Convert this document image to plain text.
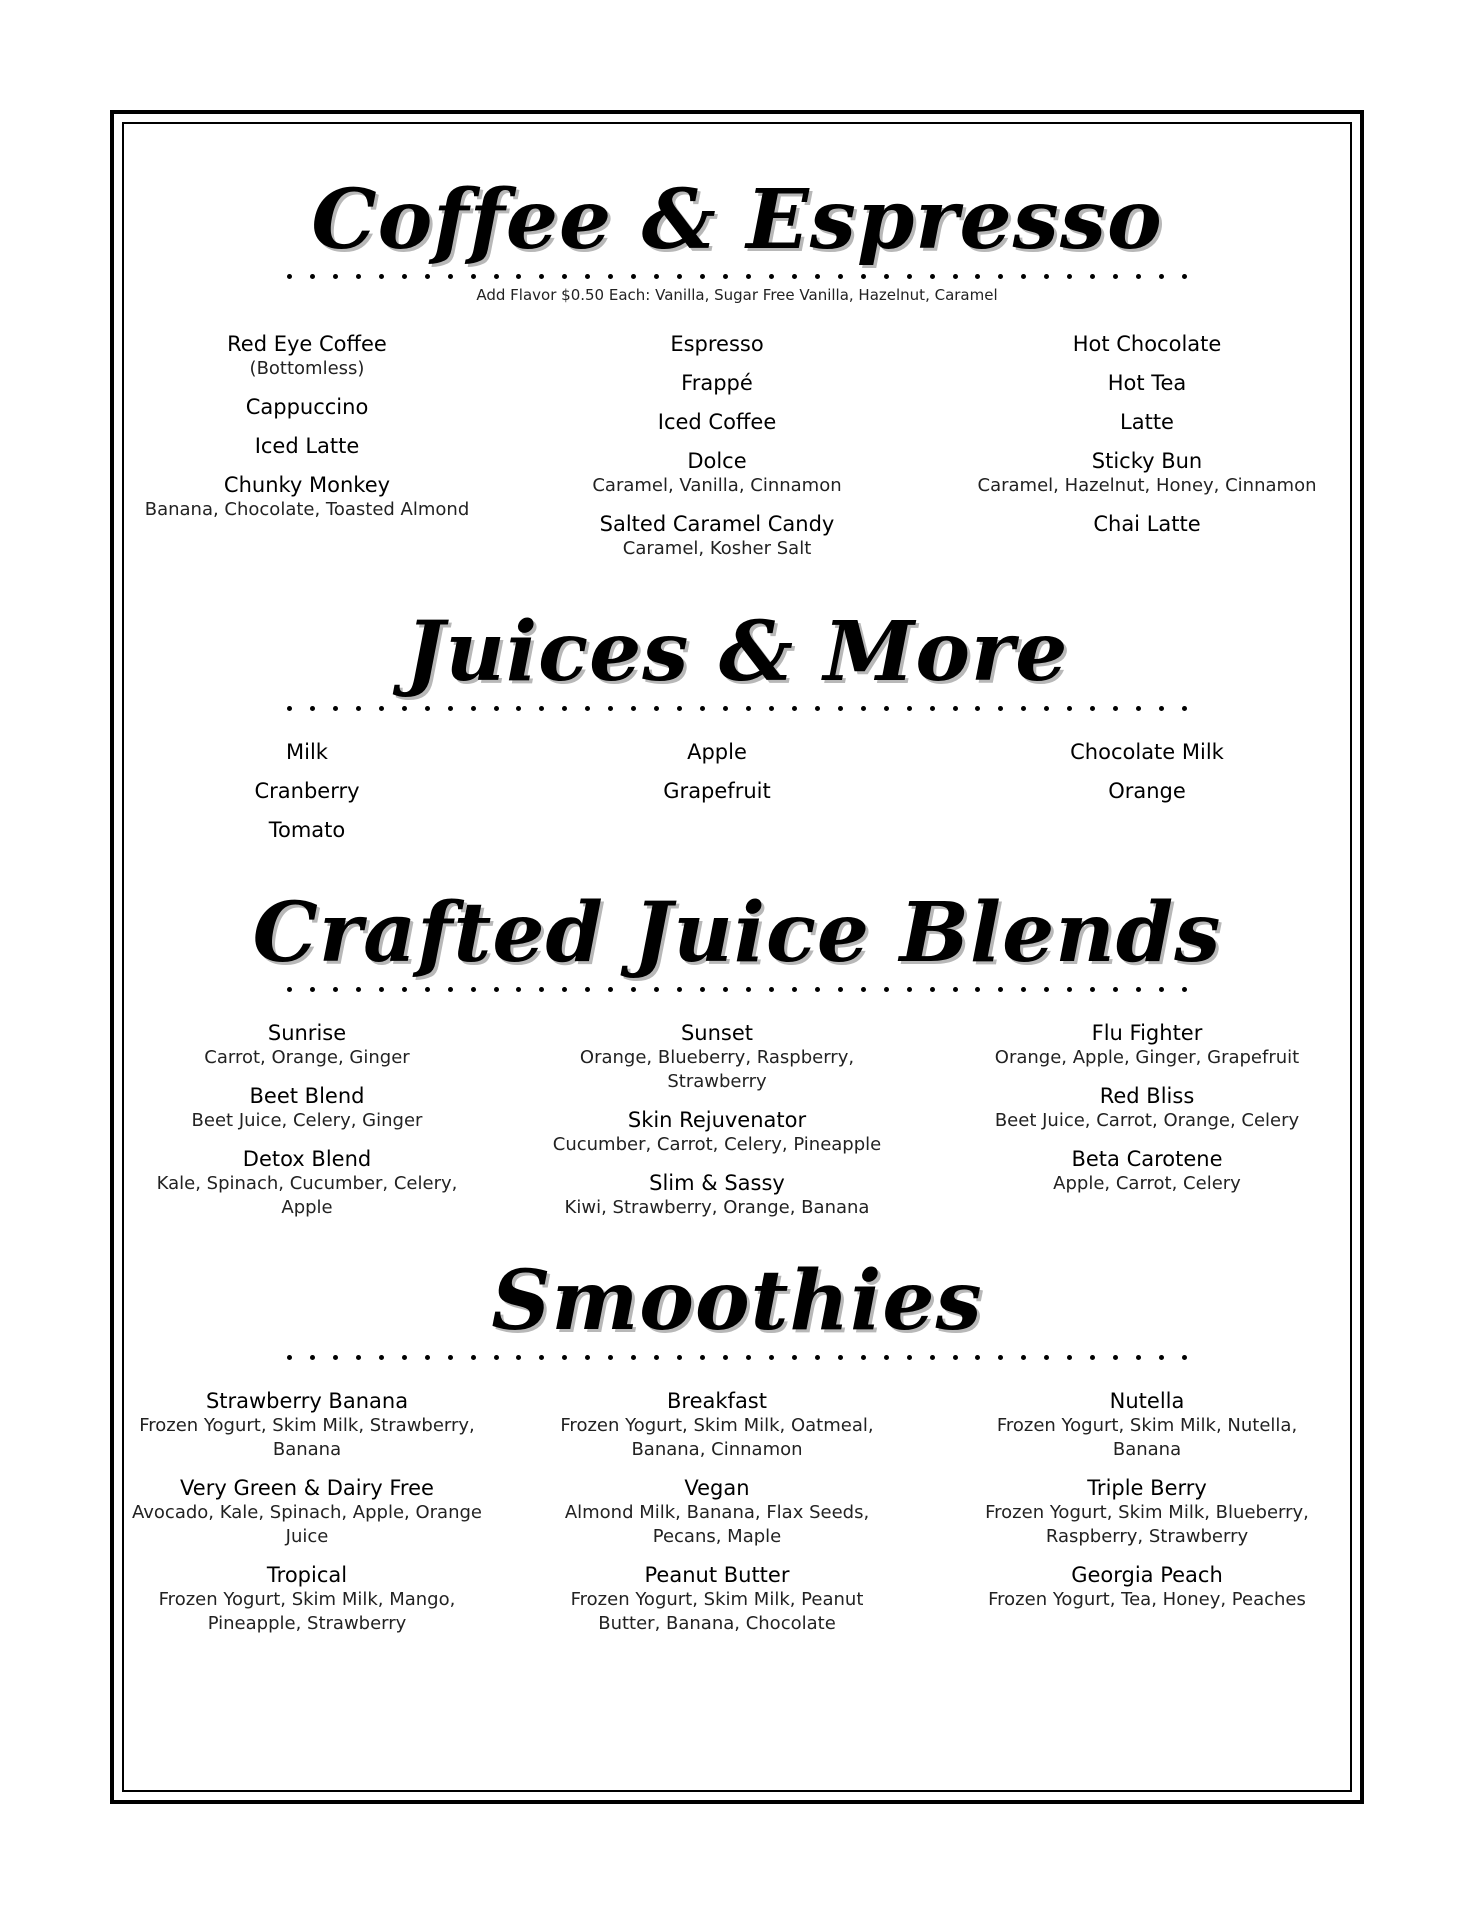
Coffee & Espresso
Add Flavor $0.50 Each: Vanilla, Sugar Free Vanilla, Hazelnut, Caramel
Red Eye Coffee
(Bottomless)
Cappuccino
Iced Latte
Chunky Monkey
Banana, Chocolate, Toasted Almond
Espresso
Frappé
Iced Coffee
Dolce
Caramel, Vanilla, Cinnamon
Salted Caramel Candy
Caramel, Kosher Salt
Hot Chocolate
Hot Tea
Latte
Sticky Bun
Caramel, Hazelnut, Honey, Cinnamon
Chai Latte
Juices & More
Milk
Cranberry
Tomato
Apple
Grapefruit
Chocolate Milk
Orange
Crafted Juice Blends
Sunrise
Carrot, Orange, Ginger
Beet Blend
Beet Juice, Celery, Ginger
Detox Blend
Kale, Spinach, Cucumber, Celery, Apple
Sunset
Orange, Blueberry, Raspberry, Strawberry
Skin Rejuvenator
Cucumber, Carrot, Celery, Pineapple
Slim & Sassy
Kiwi, Strawberry, Orange, Banana
Flu Fighter
Orange, Apple, Ginger, Grapefruit
Red Bliss
Beet Juice, Carrot, Orange, Celery
Beta Carotene
Apple, Carrot, Celery
Smoothies
Strawberry Banana
Frozen Yogurt, Skim Milk, Strawberry, Banana
Very Green & Dairy Free
Avocado, Kale, Spinach, Apple, Orange Juice
Tropical
Frozen Yogurt, Skim Milk, Mango, Pineapple, Strawberry
Breakfast
Frozen Yogurt, Skim Milk, Oatmeal, Banana, Cinnamon
Vegan
Almond Milk, Banana, Flax Seeds, Pecans, Maple
Peanut Butter
Frozen Yogurt, Skim Milk, Peanut Butter, Banana, Chocolate
Nutella
Frozen Yogurt, Skim Milk, Nutella, Banana
Triple Berry
Frozen Yogurt, Skim Milk, Blueberry, Raspberry, Strawberry
Georgia Peach
Frozen Yogurt, Tea, Honey, Peaches
